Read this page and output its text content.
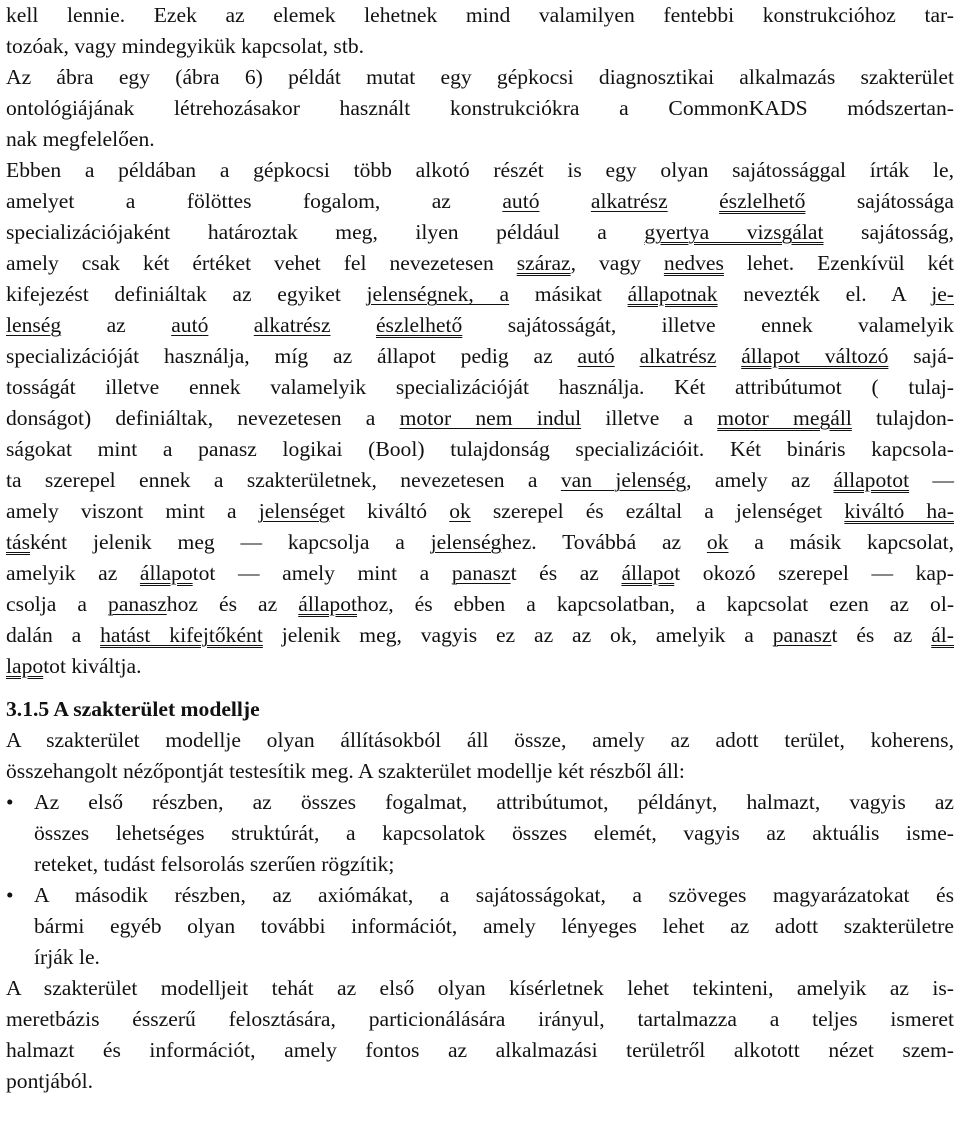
kell lennie. Ezek az elemek lehetnek mind valamilyen fentebbi konstrukcióhoz tar-
tozóak, vagy mindegyikük kapcsolat, stb.
Az ábra egy (ábra 6) példát mutat egy gépkocsi diagnosztikai alkalmazás szakterület
ontológiájának létrehozásakor használt konstrukciókra a CommonKADS módszertan-
nak megfelelően.
Ebben a példában a gépkocsi több alkotó részét is egy olyan sajátossággal írták le,
amelyet a fölöttes fogalom, az autó alkatrész észlelhető sajátossága
specializációjaként határoztak meg, ilyen például a gyertya vizsgálat sajátosság,
amely csak két értéket vehet fel nevezetesen száraz, vagy nedves lehet. Ezenkívül két
kifejezést definiáltak az egyiket jelenségnek, a másikat állapotnak nevezték el. A je-
lenség az autó alkatrész észlelhető sajátosságát, illetve ennek valamelyik
specializációját használja, míg az állapot pedig az autó alkatrész állapot változó sajá-
tosságát illetve ennek valamelyik specializációját használja. Két attribútumot ( tulaj-
donságot) definiáltak, nevezetesen a motor nem indul illetve a motor megáll tulajdon-
ságokat mint a panasz logikai (Bool) tulajdonság specializációit. Két bináris kapcsola-
ta szerepel ennek a szakterületnek, nevezetesen a van jelenség, amely az állapotot —
amely viszont mint a jelenséget kiváltó ok szerepel és ezáltal a jelenséget kiváltó ha-
tásként jelenik meg — kapcsolja a jelenséghez. Továbbá az ok a másik kapcsolat,
amelyik az állapotot — amely mint a panaszt és az állapot okozó szerepel — kap-
csolja a panaszhoz és az állapothoz, és ebben a kapcsolatban, a kapcsolat ezen az ol-
dalán a hatást kifejtőként jelenik meg, vagyis ez az az ok, amelyik a panaszt és az ál-
lapotot kiváltja.
3.1.5 A szakterület modellje
A szakterület modellje olyan állításokból áll össze, amely az adott terület, koherens,
összehangolt nézőpontját testesítik meg. A szakterület modellje két részből áll:
• Az első részben, az összes fogalmat, attribútumot, példányt, halmazt, vagyis az
összes lehetséges struktúrát, a kapcsolatok összes elemét, vagyis az aktuális isme-
reteket, tudást felsorolás szerűen rögzítik;
• A második részben, az axiómákat, a sajátosságokat, a szöveges magyarázatokat és
bármi egyéb olyan további információt, amely lényeges lehet az adott szakterületre
írják le.
A szakterület modelljeit tehát az első olyan kísérletnek lehet tekinteni, amelyik az is-
meretbázis ésszerű felosztására, particionálására irányul, tartalmazza a teljes ismeret
halmazt és információt, amely fontos az alkalmazási területről alkotott nézet szem-
pontjából.
